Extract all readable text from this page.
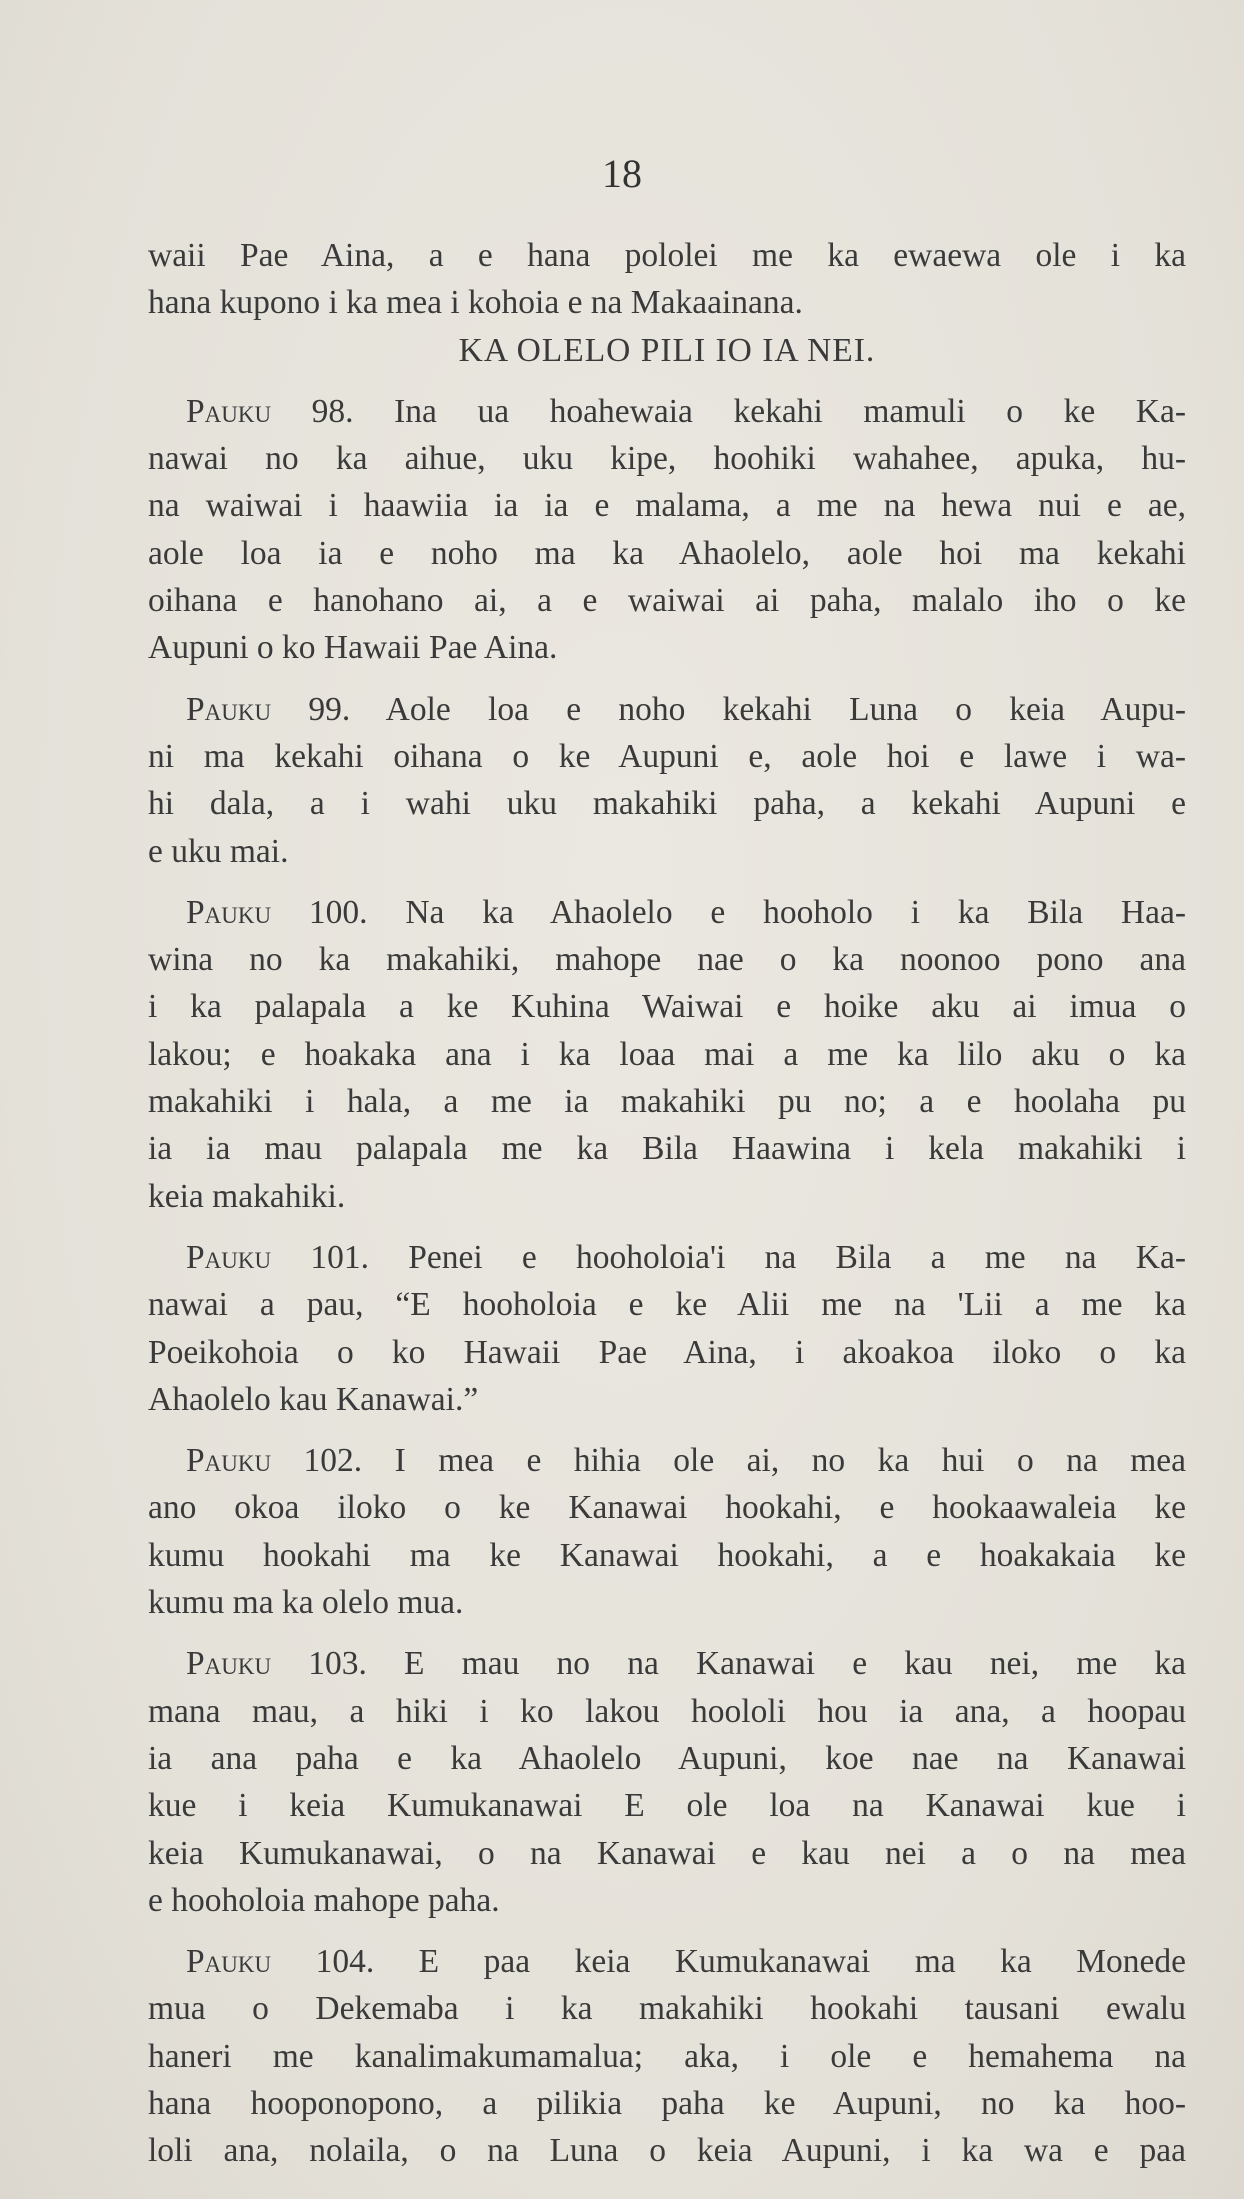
18
waii Pae Aina, a e hana pololei me ka ewaewa ole i ka
hana kupono i ka mea i kohoia e na Makaainana.
KA OLELO PILI IO IA NEI.
Pauku 98. Ina ua hoahewaia kekahi mamuli o ke Ka-
nawai no ka aihue, uku kipe, hoohiki wahahee, apuka, hu-
na waiwai i haawiia ia ia e malama, a me na hewa nui e ae,
aole loa ia e noho ma ka Ahaolelo, aole hoi ma kekahi
oihana e hanohano ai, a e waiwai ai paha, malalo iho o ke
Aupuni o ko Hawaii Pae Aina.
Pauku 99. Aole loa e noho kekahi Luna o keia Aupu-
ni ma kekahi oihana o ke Aupuni e, aole hoi e lawe i wa-
hi dala, a i wahi uku makahiki paha, a kekahi Aupuni e
e uku mai.
Pauku 100. Na ka Ahaolelo e hooholo i ka Bila Haa-
wina no ka makahiki, mahope nae o ka noonoo pono ana
i ka palapala a ke Kuhina Waiwai e hoike aku ai imua o
lakou; e hoakaka ana i ka loaa mai a me ka lilo aku o ka
makahiki i hala, a me ia makahiki pu no; a e hoolaha pu
ia ia mau palapala me ka Bila Haawina i kela makahiki i
keia makahiki.
Pauku 101. Penei e hooholoia'i na Bila a me na Ka-
nawai a pau, “E hooholoia e ke Alii me na 'Lii a me ka
Poeikohoia o ko Hawaii Pae Aina, i akoakoa iloko o ka
Ahaolelo kau Kanawai.”
Pauku 102. I mea e hihia ole ai, no ka hui o na mea
ano okoa iloko o ke Kanawai hookahi, e hookaawaleia ke
kumu hookahi ma ke Kanawai hookahi, a e hoakakaia ke
kumu ma ka olelo mua.
Pauku 103. E mau no na Kanawai e kau nei, me ka
mana mau, a hiki i ko lakou hoololi hou ia ana, a hoopau
ia ana paha e ka Ahaolelo Aupuni, koe nae na Kanawai
kue i keia Kumukanawai E ole loa na Kanawai kue i
keia Kumukanawai, o na Kanawai e kau nei a o na mea
e hooholoia mahope paha.
Pauku 104. E paa keia Kumukanawai ma ka Monede
mua o Dekemaba i ka makahiki hookahi tausani ewalu
haneri me kanalimakumamalua; aka, i ole e hemahema na
hana hooponopono, a pilikia paha ke Aupuni, no ka hoo-
loli ana, nolaila, o na Luna o keia Aupuni, i ka wa e paa
